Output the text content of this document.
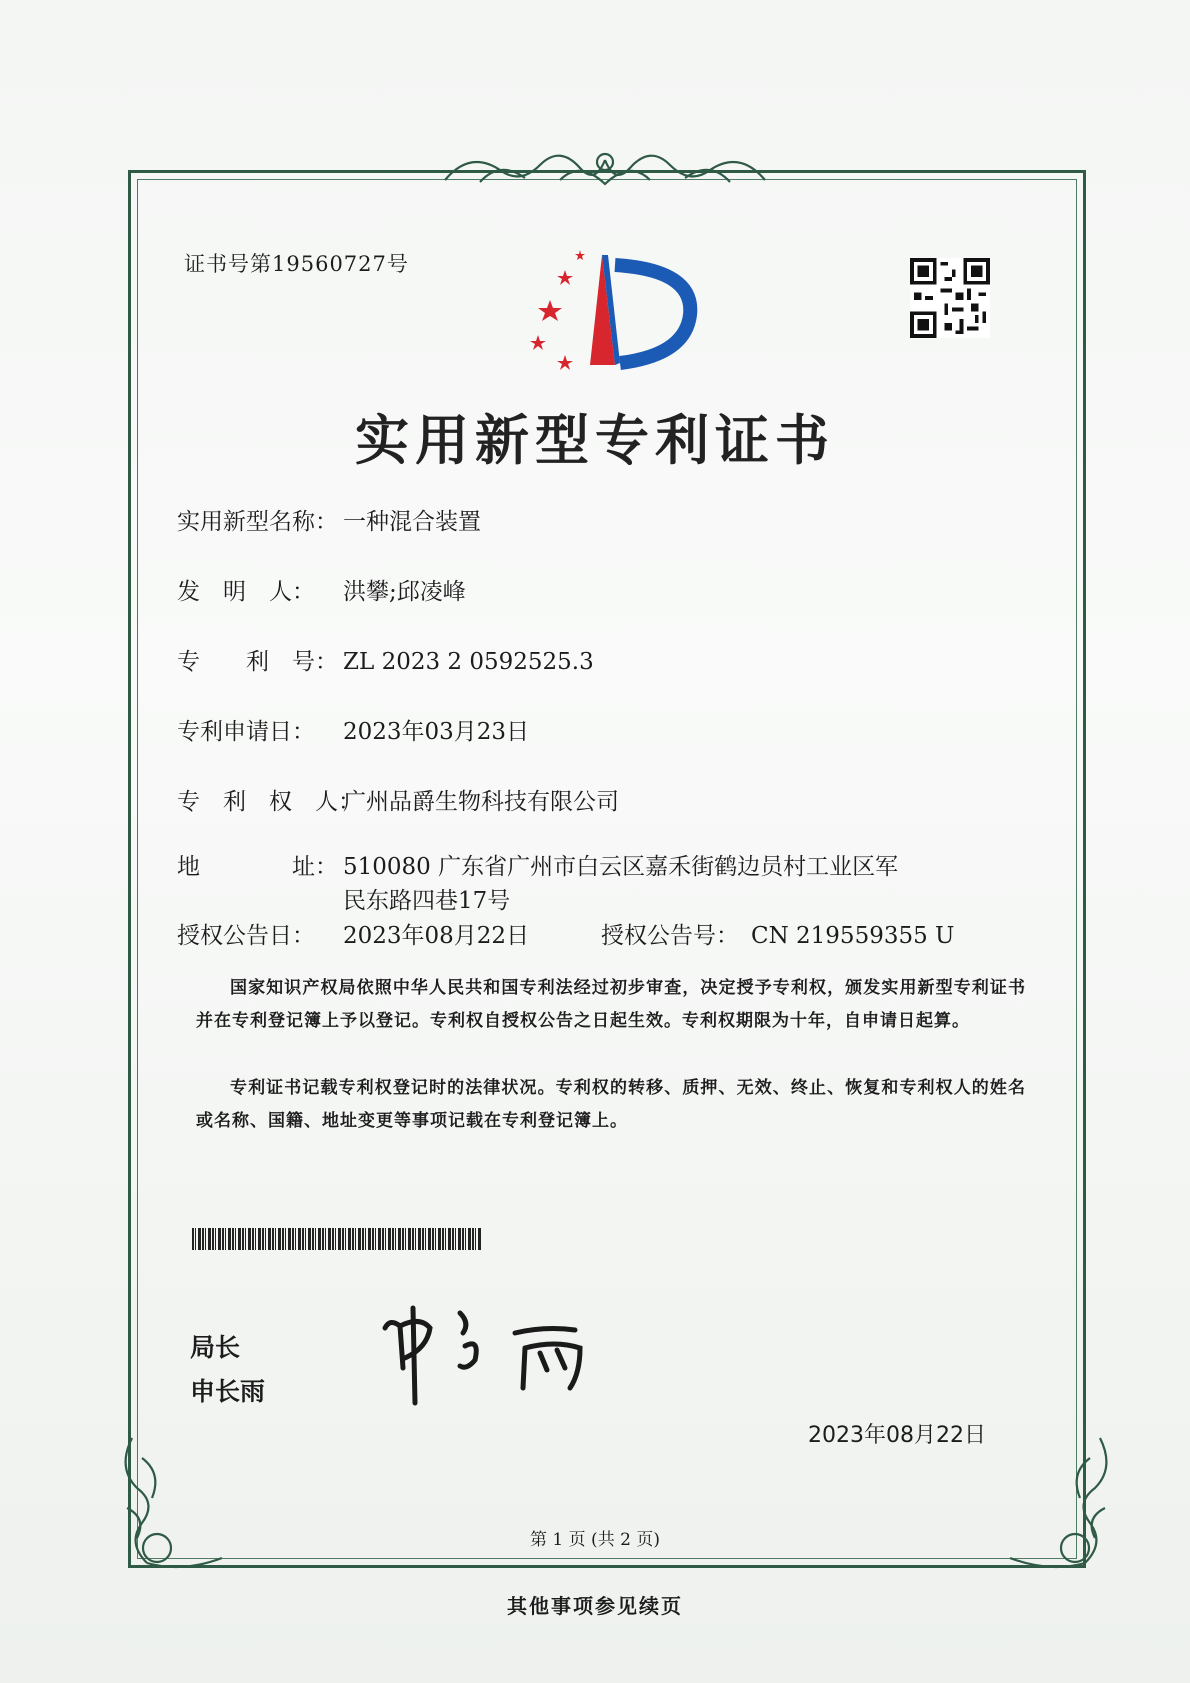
证书号第19560727号
实用新型专利证书
实用新型名称： 一种混合装置
发　明　人： 洪攀;邱凌峰
专　　利　号： ZL 2023 2 0592525.3
专利申请日： 2023年03月23日
专　利　权　人：广州品爵生物科技有限公司
地　　　　址： 510080 广东省广州市白云区嘉禾街鹤边员村工业区军民东路四巷17号
授权公告日： 2023年08月22日	授权公告号： CN 219559355 U
国家知识产权局依照中华人民共和国专利法经过初步审查，决定授予专利权，颁发实用新型专利证书并在专利登记簿上予以登记。专利权自授权公告之日起生效。专利权期限为十年，自申请日起算。
专利证书记载专利权登记时的法律状况。专利权的转移、质押、无效、终止、恢复和专利权人的姓名或名称、国籍、地址变更等事项记载在专利登记簿上。
局长
申长雨
2023年08月22日
第 1 页 (共 2 页)
其他事项参见续页
